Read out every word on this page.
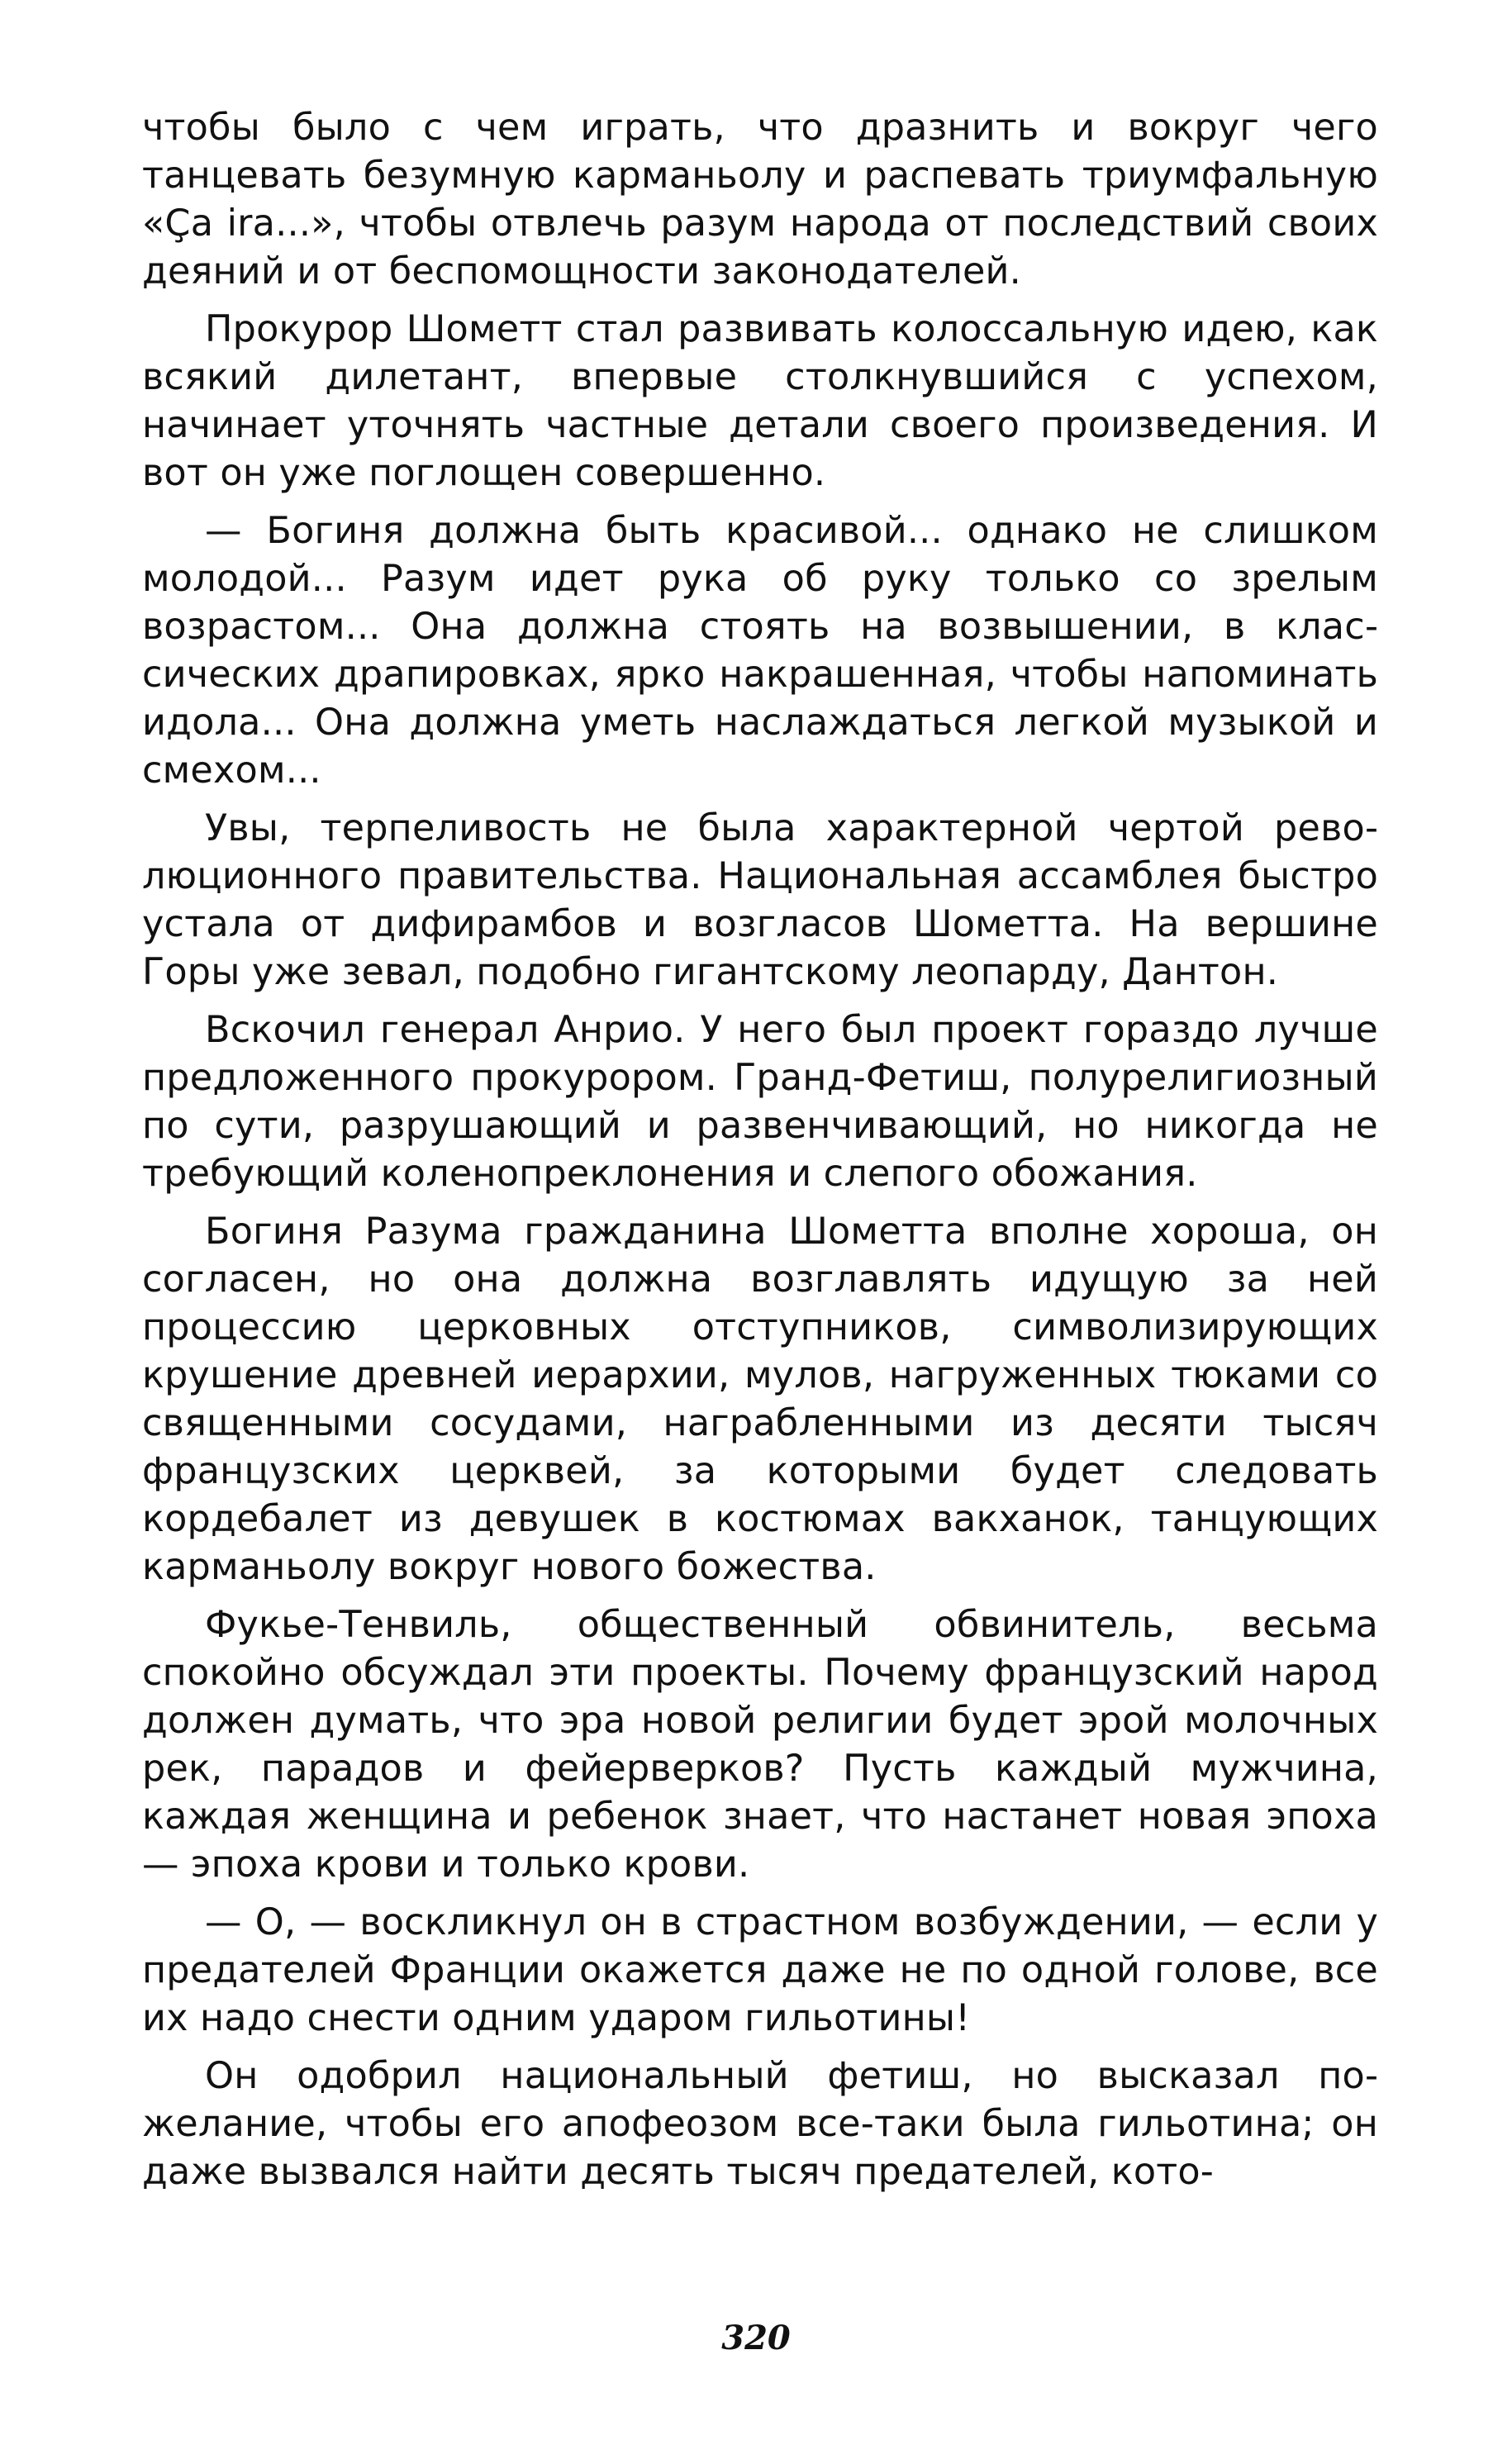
чтобы было с чем играть, что дразнить и вокруг чего танцевать безумную карманьолу и распевать триумфальную «Ça ira...», чтобы отвлечь разум народа от последствий своих деяний и от беспомощности законодателей.

Прокурор Шометт стал развивать колоссальную идею, как всякий дилетант, впервые столкнувшийся с успехом, начинает уточнять частные детали своего произведения. И вот он уже поглощен совершенно.

— Богиня должна быть красивой... однако не слишком молодой... Разум идет рука об руку только со зрелым возрастом... Она должна стоять на возвышении, в классических драпировках, ярко накрашенная, чтобы напоминать идола... Она должна уметь наслаждаться легкой музыкой и смехом...

Увы, терпеливость не была характерной чертой революционного правительства. Национальная ассамблея быстро устала от дифирамбов и возгласов Шометта. На вершине Горы уже зевал, подобно гигантскому леопарду, Дантон.

Вскочил генерал Анрио. У него был проект гораздо лучше предложенного прокурором. Гранд-Фетиш, полурелигиозный по сути, разрушающий и развенчивающий, но никогда не требующий коленопреклонения и слепого обожания.

Богиня Разума гражданина Шометта вполне хороша, он согласен, но она должна возглавлять идущую за ней процессию церковных отступников, символизирующих крушение древней иерархии, мулов, нагруженных тюками со священными сосудами, награбленными из десяти тысяч французских церквей, за которыми будет следовать кордебалет из девушек в костюмах вакханок, танцующих карманьолу вокруг нового божества.

Фукье-Тенвиль, общественный обвинитель, весьма спокойно обсуждал эти проекты. Почему французский народ должен думать, что эра новой религии будет эрой молочных рек, парадов и фейерверков? Пусть каждый мужчина, каждая женщина и ребенок знает, что настанет новая эпоха — эпоха крови и только крови.

— О, — воскликнул он в страстном возбуждении, — если у предателей Франции окажется даже не по одной голове, все их надо снести одним ударом гильотины!

Он одобрил национальный фетиш, но высказал пожелание, чтобы его апофеозом все-таки была гильотина; он даже вызвался найти десять тысяч предателей, кото-

320
